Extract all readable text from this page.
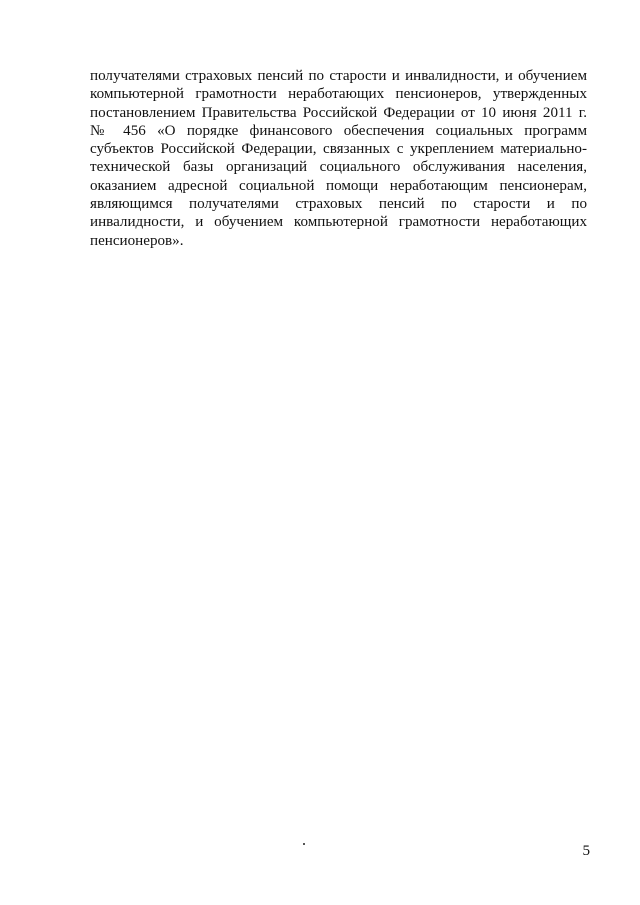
получателями страховых пенсий по старости и инвалидности, и обучением
компьютерной грамотности неработающих пенсионеров, утвержденных
постановлением Правительства Российской Федерации от 10 июня 2011 г.
№ 456 «О порядке финансового обеспечения социальных программ
субъектов Российской Федерации, связанных с укреплением материально-
технической базы организаций социального обслуживания населения,
оказанием адресной социальной помощи неработающим пенсионерам,
являющимся получателями страховых пенсий по старости и по
инвалидности, и обучением компьютерной грамотности неработающих
пенсионеров».
5
